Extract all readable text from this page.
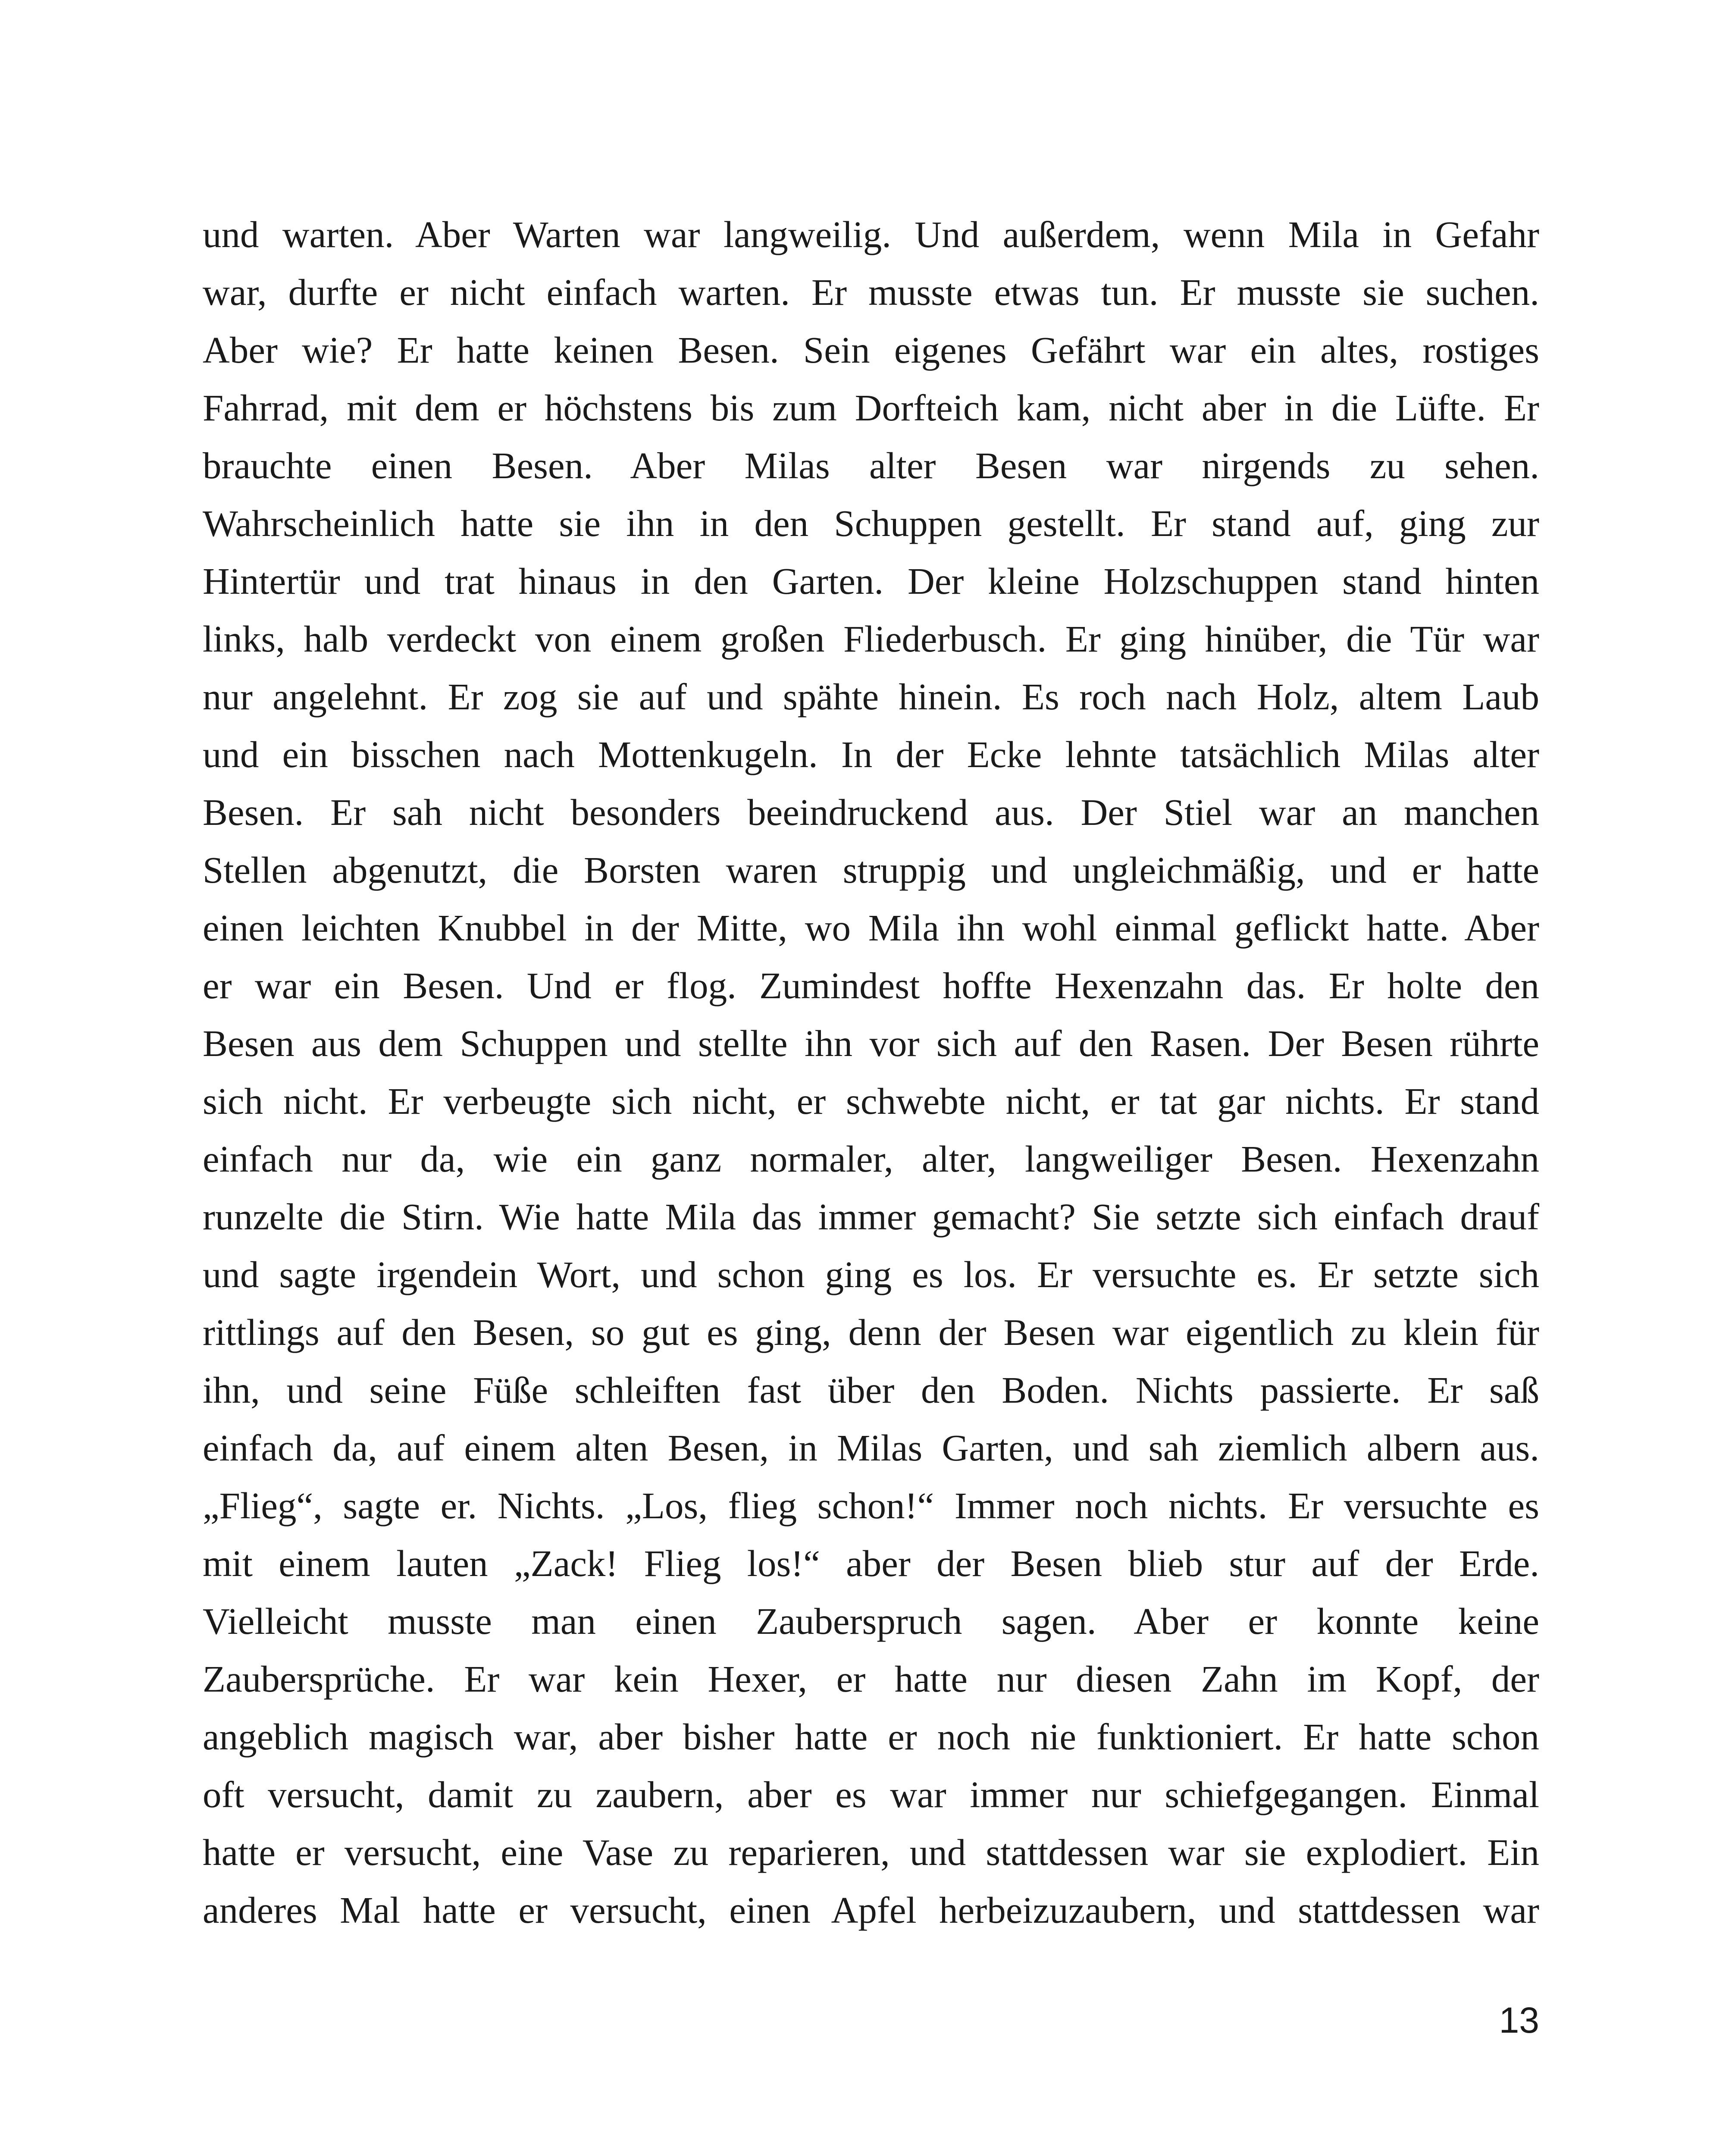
und warten. Aber Warten war langweilig. Und außerdem, wenn Mila in Gefahr
war, durfte er nicht einfach warten. Er musste etwas tun. Er musste sie suchen.
Aber wie? Er hatte keinen Besen. Sein eigenes Gefährt war ein altes, rostiges
Fahrrad, mit dem er höchstens bis zum Dorfteich kam, nicht aber in die Lüfte. Er
brauchte einen Besen. Aber Milas alter Besen war nirgends zu sehen.
Wahrscheinlich hatte sie ihn in den Schuppen gestellt. Er stand auf, ging zur
Hintertür und trat hinaus in den Garten. Der kleine Holzschuppen stand hinten
links, halb verdeckt von einem großen Fliederbusch. Er ging hinüber, die Tür war
nur angelehnt. Er zog sie auf und spähte hinein. Es roch nach Holz, altem Laub
und ein bisschen nach Mottenkugeln. In der Ecke lehnte tatsächlich Milas alter
Besen. Er sah nicht besonders beeindruckend aus. Der Stiel war an manchen
Stellen abgenutzt, die Borsten waren struppig und ungleichmäßig, und er hatte
einen leichten Knubbel in der Mitte, wo Mila ihn wohl einmal geflickt hatte. Aber
er war ein Besen. Und er flog. Zumindest hoffte Hexenzahn das. Er holte den
Besen aus dem Schuppen und stellte ihn vor sich auf den Rasen. Der Besen rührte
sich nicht. Er verbeugte sich nicht, er schwebte nicht, er tat gar nichts. Er stand
einfach nur da, wie ein ganz normaler, alter, langweiliger Besen. Hexenzahn
runzelte die Stirn. Wie hatte Mila das immer gemacht? Sie setzte sich einfach drauf
und sagte irgendein Wort, und schon ging es los. Er versuchte es. Er setzte sich
rittlings auf den Besen, so gut es ging, denn der Besen war eigentlich zu klein für
ihn, und seine Füße schleiften fast über den Boden. Nichts passierte. Er saß
einfach da, auf einem alten Besen, in Milas Garten, und sah ziemlich albern aus.
„Flieg“, sagte er. Nichts. „Los, flieg schon!“ Immer noch nichts. Er versuchte es
mit einem lauten „Zack! Flieg los!“ aber der Besen blieb stur auf der Erde.
Vielleicht musste man einen Zauberspruch sagen. Aber er konnte keine
Zaubersprüche. Er war kein Hexer, er hatte nur diesen Zahn im Kopf, der
angeblich magisch war, aber bisher hatte er noch nie funktioniert. Er hatte schon
oft versucht, damit zu zaubern, aber es war immer nur schiefgegangen. Einmal
hatte er versucht, eine Vase zu reparieren, und stattdessen war sie explodiert. Ein
anderes Mal hatte er versucht, einen Apfel herbeizuzaubern, und stattdessen war
13
